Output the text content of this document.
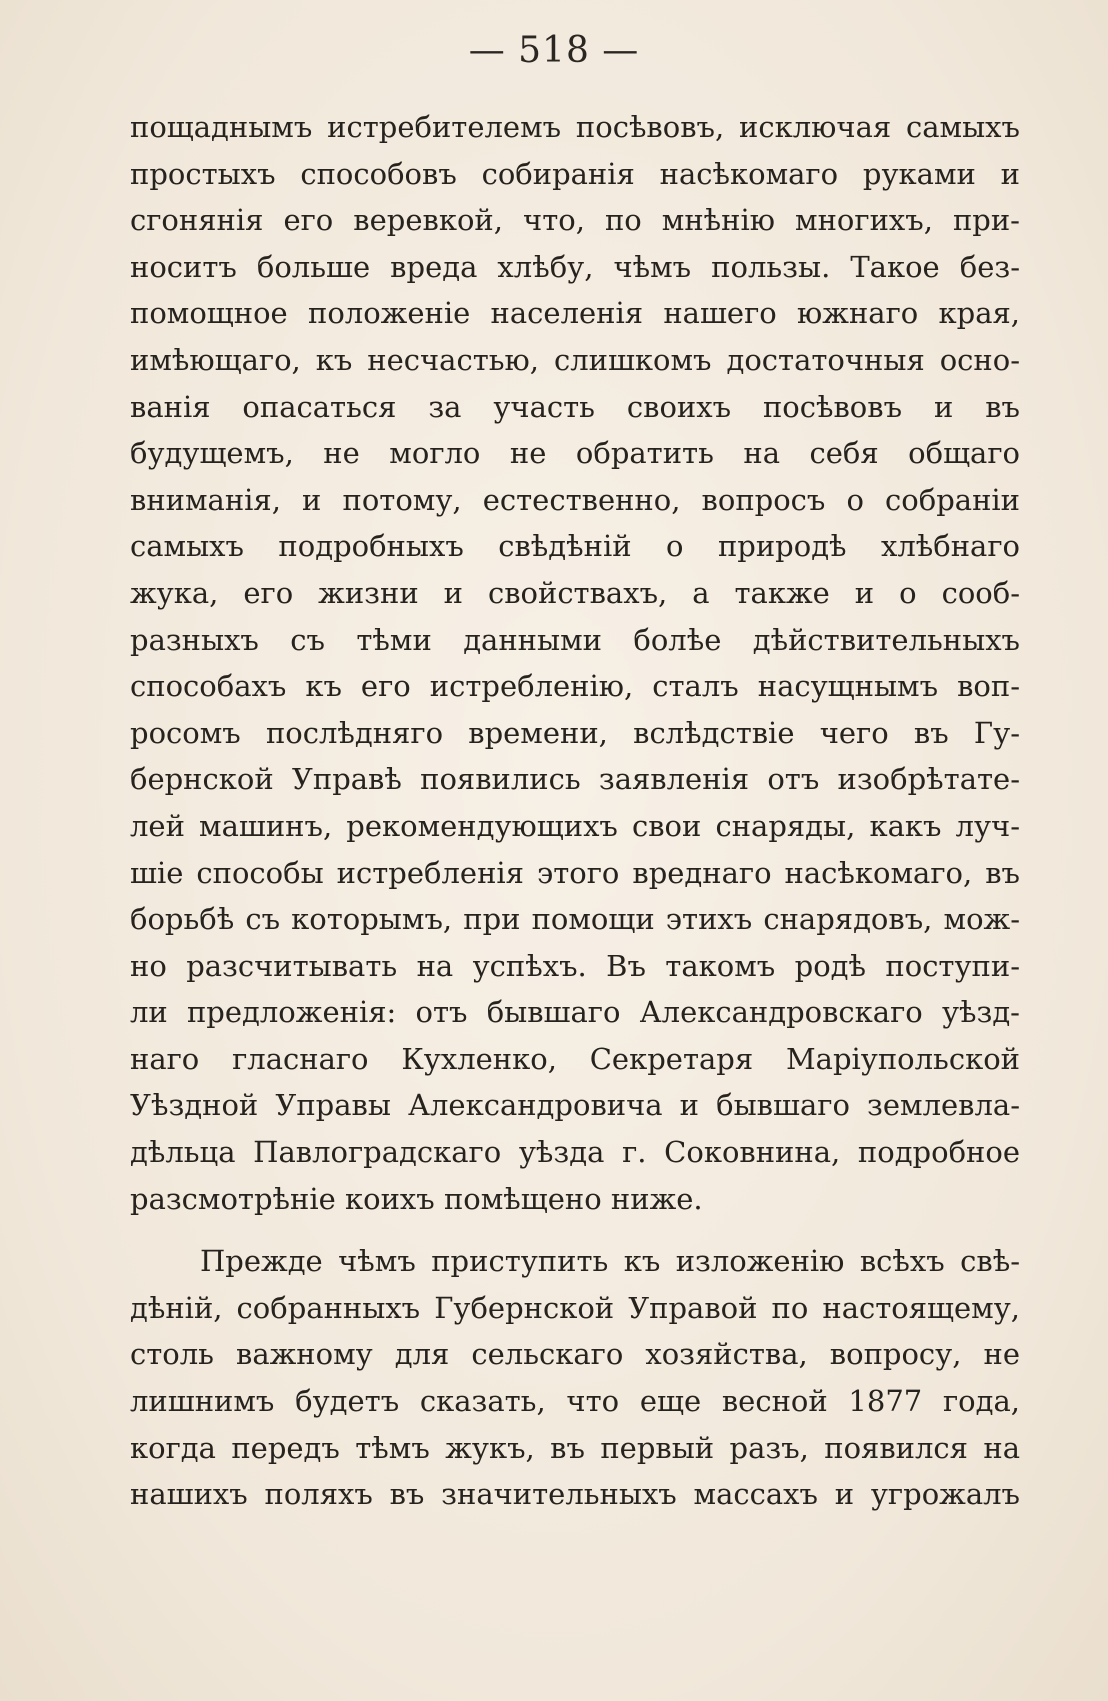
— 518 —
пощаднымъ истребителемъ посѣвовъ, исключая самыхъ
простыхъ способовъ собиранія насѣкомаго руками и
сгонянія его веревкой, что, по мнѣнію многихъ, при-
носитъ больше вреда хлѣбу, чѣмъ пользы. Такое без-
помощное положеніе населенія нашего южнаго края,
имѣющаго, къ несчастью, слишкомъ достаточныя осно-
ванія опасаться за участь своихъ посѣвовъ и въ
будущемъ, не могло не обратить на себя общаго
вниманія, и потому, естественно, вопросъ о собраніи
самыхъ подробныхъ свѣдѣній о природѣ хлѣбнаго
жука, его жизни и свойствахъ, а также и о сооб-
разныхъ съ тѣми данными болѣе дѣйствительныхъ
способахъ къ его истребленію, сталъ насущнымъ воп-
росомъ послѣдняго времени, вслѣдствіе чего въ Гу-
бернской Управѣ появились заявленія отъ изобрѣтате-
лей машинъ, рекомендующихъ свои снаряды, какъ луч-
шіе способы истребленія этого вреднаго насѣкомаго, въ
борьбѣ съ которымъ, при помощи этихъ снарядовъ, мож-
но разсчитывать на успѣхъ. Въ такомъ родѣ поступи-
ли предложенія: отъ бывшаго Александровскаго уѣзд-
наго гласнаго Кухленко, Секретаря Маріупольской
Уѣздной Управы Александровича и бывшаго землевла-
дѣльца Павлоградскаго уѣзда г. Соковнина, подробное
разсмотрѣніе коихъ помѣщено ниже.
Прежде чѣмъ приступить къ изложенію всѣхъ свѣ-
дѣній, собранныхъ Губернской Управой по настоящему,
столь важному для сельскаго хозяйства, вопросу, не
лишнимъ будетъ сказать, что еще весной 1877 года,
когда передъ тѣмъ жукъ, въ первый разъ, появился на
нашихъ поляхъ въ значительныхъ массахъ и угрожалъ
